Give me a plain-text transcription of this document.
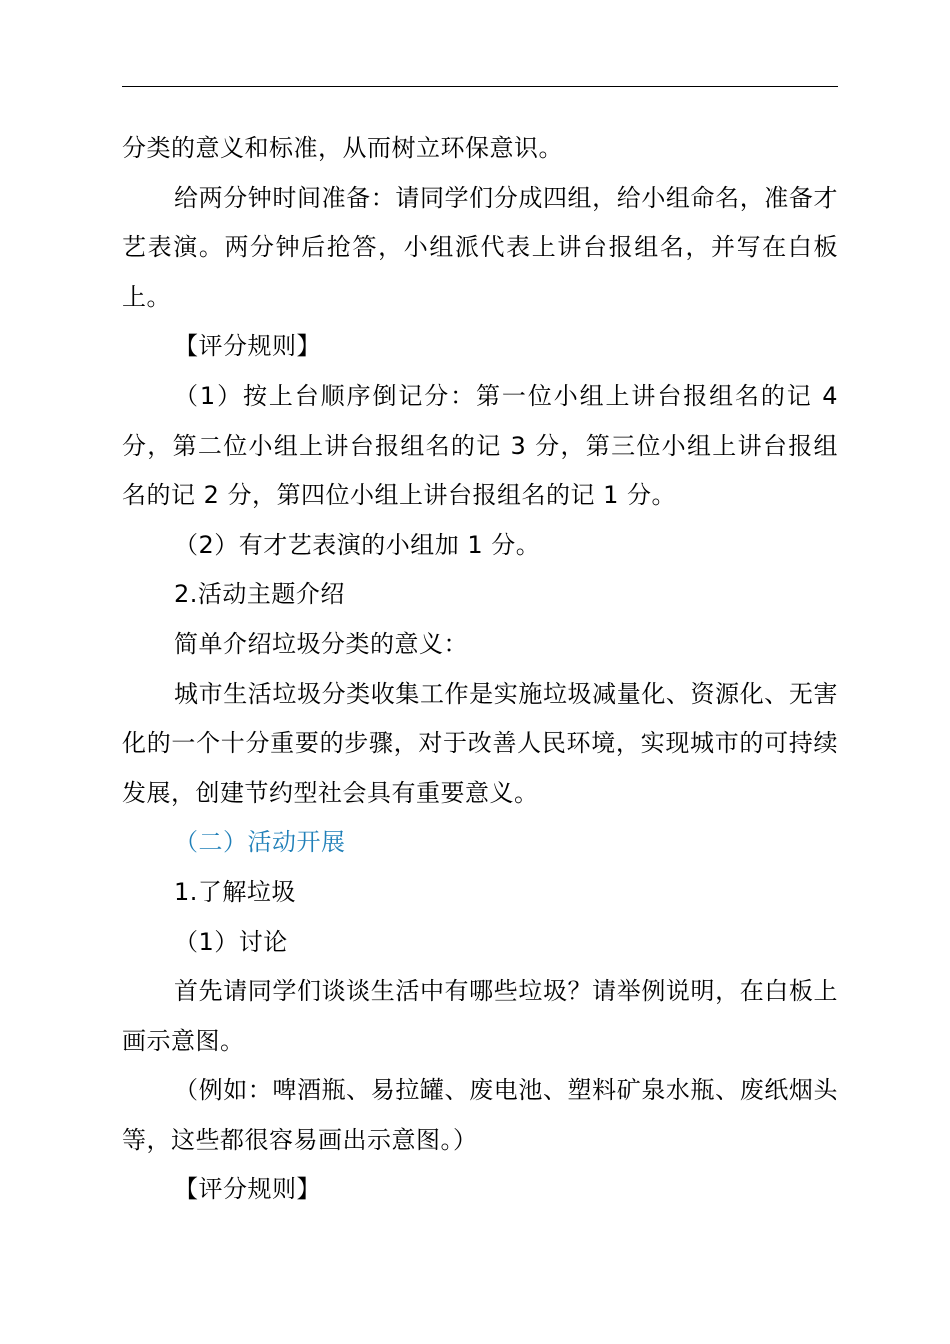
分类的意义和标准，从而树立环保意识。

给两分钟时间准备：请同学们分成四组，给小组命名，准备才艺表演。两分钟后抢答，小组派代表上讲台报组名，并写在白板上。

【评分规则】

（1）按上台顺序倒记分：第一位小组上讲台报组名的记 4 分，第二位小组上讲台报组名的记 3 分，第三位小组上讲台报组名的记 2 分，第四位小组上讲台报组名的记 1 分。

（2）有才艺表演的小组加 1 分。

2.活动主题介绍

简单介绍垃圾分类的意义：

城市生活垃圾分类收集工作是实施垃圾减量化、资源化、无害化的一个十分重要的步骤，对于改善人民环境，实现城市的可持续发展，创建节约型社会具有重要意义。

（二）活动开展

1.了解垃圾

（1）讨论

首先请同学们谈谈生活中有哪些垃圾？请举例说明，在白板上画示意图。

（例如：啤酒瓶、易拉罐、废电池、塑料矿泉水瓶、废纸烟头等，这些都很容易画出示意图。）

【评分规则】
